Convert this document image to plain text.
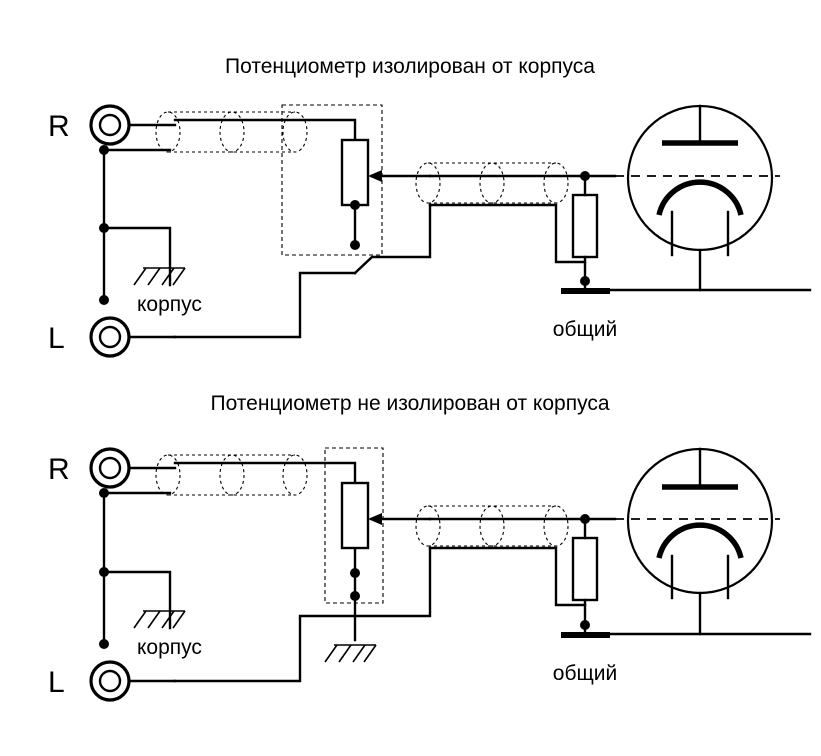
Потенциометр изолирован от корпуса
R
L
корпус
общий
Потенциометр не изолирован от корпуса
R
L
корпус
общий
